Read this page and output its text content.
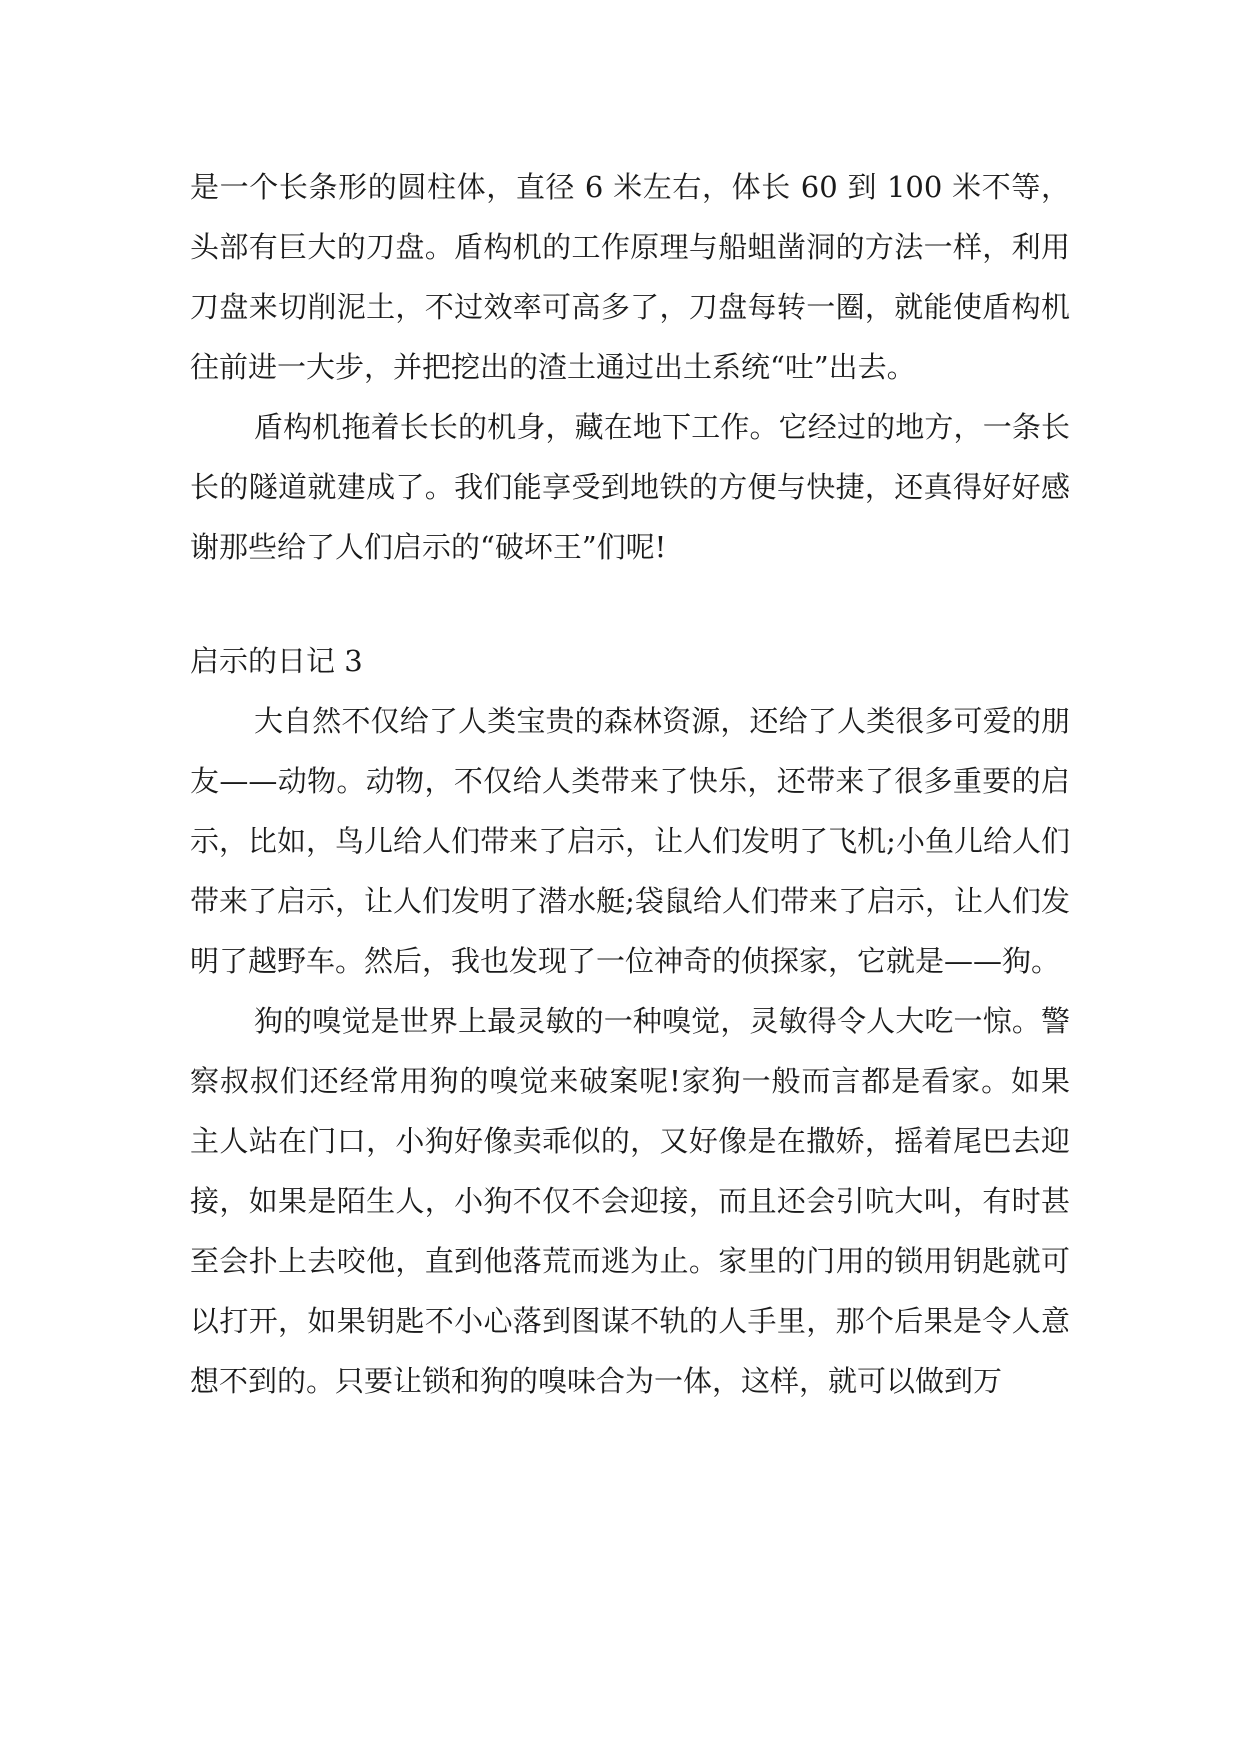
是一个长条形的圆柱体，直径 6 米左右，体长 60 到 100 米不等，头部有巨大的刀盘。盾构机的工作原理与船蛆凿洞的方法一样，利用刀盘来切削泥土，不过效率可高多了，刀盘每转一圈，就能使盾构机往前进一大步，并把挖出的渣土通过出土系统“吐”出去。

盾构机拖着长长的机身，藏在地下工作。它经过的地方，一条长长的隧道就建成了。我们能享受到地铁的方便与快捷，还真得好好感谢那些给了人们启示的“破坏王”们呢!

启示的日记 3

大自然不仅给了人类宝贵的森林资源，还给了人类很多可爱的朋友——动物。动物，不仅给人类带来了快乐，还带来了很多重要的启示，比如，鸟儿给人们带来了启示，让人们发明了飞机;小鱼儿给人们带来了启示，让人们发明了潜水艇;袋鼠给人们带来了启示，让人们发明了越野车。然后，我也发现了一位神奇的侦探家，它就是——狗。

狗的嗅觉是世界上最灵敏的一种嗅觉，灵敏得令人大吃一惊。警察叔叔们还经常用狗的嗅觉来破案呢!家狗一般而言都是看家。如果主人站在门口，小狗好像卖乖似的，又好像是在撒娇，摇着尾巴去迎接，如果是陌生人，小狗不仅不会迎接，而且还会引吭大叫，有时甚至会扑上去咬他，直到他落荒而逃为止。家里的门用的锁用钥匙就可以打开，如果钥匙不小心落到图谋不轨的人手里，那个后果是令人意想不到的。只要让锁和狗的嗅味合为一体，这样，就可以做到万
